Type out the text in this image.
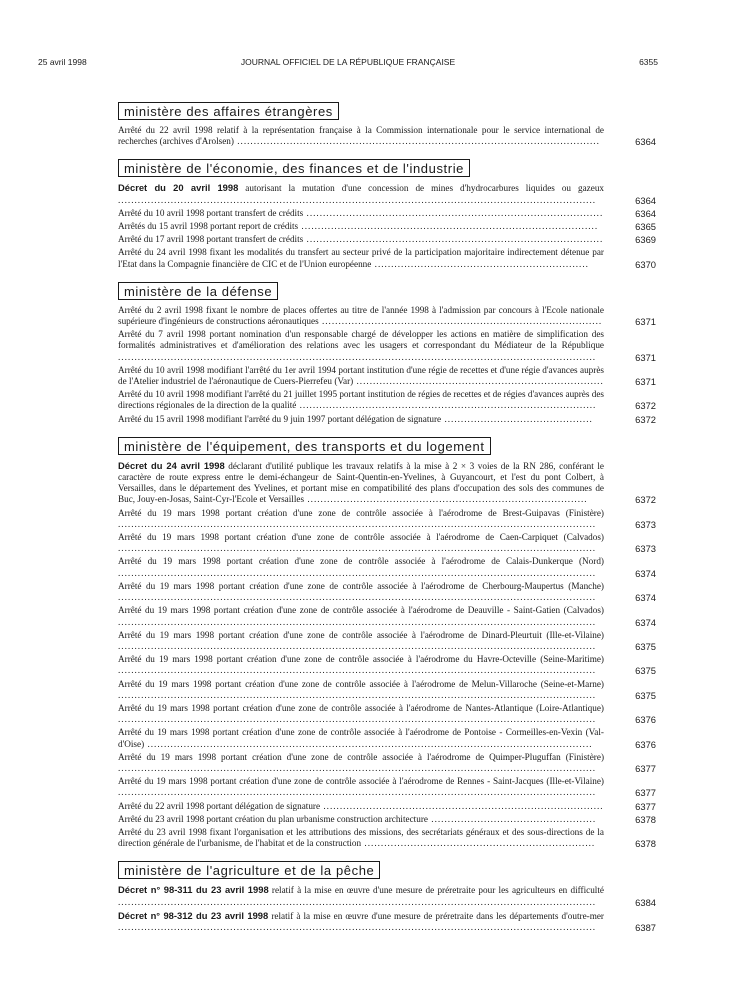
25 avril 1998	JOURNAL OFFICIEL DE LA RÉPUBLIQUE FRANÇAISE	6355
ministère des affaires étrangères
Arrêté du 22 avril 1998 relatif à la représentation française à la Commission internationale pour le service international de recherches (archives d'Arolsen) ..............................................................................................................	6364
ministère de l'économie, des finances et de l'industrie
Décret du 20 avril 1998 autorisant la mutation d'une concession de mines d'hydrocarbures liquides ou gazeux .................................................................................................................................................	6364
Arrêté du 10 avril 1998 portant transfert de crédits ..........................................................................................	6364
Arrêtés du 15 avril 1998 portant report de crédits ..........................................................................................	6365
Arrêté du 17 avril 1998 portant transfert de crédits ..........................................................................................	6369
Arrêté du 24 avril 1998 fixant les modalités du transfert au secteur privé de la participation majoritaire indirectement détenue par l'Etat dans la Compagnie financière de CIC et de l'Union européenne .................................................................	6370
ministère de la défense
Arrêté du 2 avril 1998 fixant le nombre de places offertes au titre de l'année 1998 à l'admission par concours à l'Ecole nationale supérieure d'ingénieurs de constructions aéronautiques .....................................................................................	6371
Arrêté du 7 avril 1998 portant nomination d'un responsable chargé de développer les actions en matière de simplification des formalités administratives et d'amélioration des relations avec les usagers et correspondant du Médiateur de la République .................................................................................................................................................	6371
Arrêté du 10 avril 1998 modifiant l'arrêté du 1er avril 1994 portant institution d'une régie de recettes et d'une régie d'avances auprès de l'Atelier industriel de l'aéronautique de Cuers-Pierrefeu (Var) ...........................................................................	6371
Arrêté du 10 avril 1998 modifiant l'arrêté du 21 juillet 1995 portant institution de régies de recettes et de régies d'avances auprès des directions régionales de la direction de la qualité ..........................................................................................	6372
Arrêté du 15 avril 1998 modifiant l'arrêté du 9 juin 1997 portant délégation de signature .............................................	6372
ministère de l'équipement, des transports et du logement
Décret du 24 avril 1998 déclarant d'utilité publique les travaux relatifs à la mise à 2 × 3 voies de la RN 286, conférant le caractère de route express entre le demi-échangeur de Saint-Quentin-en-Yvelines, à Guyancourt, et l'est du pont Colbert, à Versailles, dans le département des Yvelines, et portant mise en compatibilité des plans d'occupation des sols des communes de Buc, Jouy-en-Josas, Saint-Cyr-l'Ecole et Versailles .....................................................................................	6372
Arrêté du 19 mars 1998 portant création d'une zone de contrôle associée à l'aérodrome de Brest-Guipavas (Finistère) .................................................................................................................................................	6373
Arrêté du 19 mars 1998 portant création d'une zone de contrôle associée à l'aérodrome de Caen-Carpiquet (Calvados) .................................................................................................................................................	6373
Arrêté du 19 mars 1998 portant création d'une zone de contrôle associée à l'aérodrome de Calais-Dunkerque (Nord) .................................................................................................................................................	6374
Arrêté du 19 mars 1998 portant création d'une zone de contrôle associée à l'aérodrome de Cherbourg-Maupertus (Manche) .................................................................................................................................................	6374
Arrêté du 19 mars 1998 portant création d'une zone de contrôle associée à l'aérodrome de Deauville - Saint-Gatien (Calvados) .................................................................................................................................................	6374
Arrêté du 19 mars 1998 portant création d'une zone de contrôle associée à l'aérodrome de Dinard-Pleurtuit (Ille-et-Vilaine) .................................................................................................................................................	6375
Arrêté du 19 mars 1998 portant création d'une zone de contrôle associée à l'aérodrome du Havre-Octeville (Seine-Maritime) .................................................................................................................................................	6375
Arrêté du 19 mars 1998 portant création d'une zone de contrôle associée à l'aérodrome de Melun-Villaroche (Seine-et-Marne) .................................................................................................................................................	6375
Arrêté du 19 mars 1998 portant création d'une zone de contrôle associée à l'aérodrome de Nantes-Atlantique (Loire-Atlantique) .................................................................................................................................................	6376
Arrêté du 19 mars 1998 portant création d'une zone de contrôle associée à l'aérodrome de Pontoise - Cormeilles-en-Vexin (Val-d'Oise) .......................................................................................................................................	6376
Arrêté du 19 mars 1998 portant création d'une zone de contrôle associée à l'aérodrome de Quimper-Pluguffan (Finistère) .................................................................................................................................................	6377
Arrêté du 19 mars 1998 portant création d'une zone de contrôle associée à l'aérodrome de Rennes - Saint-Jacques (Ille-et-Vilaine) .................................................................................................................................................	6377
Arrêté du 22 avril 1998 portant délégation de signature .....................................................................................	6377
Arrêté du 23 avril 1998 portant création du plan urbanisme construction architecture ..................................................	6378
Arrêté du 23 avril 1998 fixant l'organisation et les attributions des missions, des secrétariats généraux et des sous-directions de la direction générale de l'urbanisme, de l'habitat et de la construction ......................................................................	6378
ministère de l'agriculture et de la pêche
Décret n° 98-311 du 23 avril 1998 relatif à la mise en œuvre d'une mesure de préretraite pour les agriculteurs en difficulté .................................................................................................................................................	6384
Décret n° 98-312 du 23 avril 1998 relatif à la mise en œuvre d'une mesure de préretraite dans les départements d'outre-mer .................................................................................................................................................	6387
